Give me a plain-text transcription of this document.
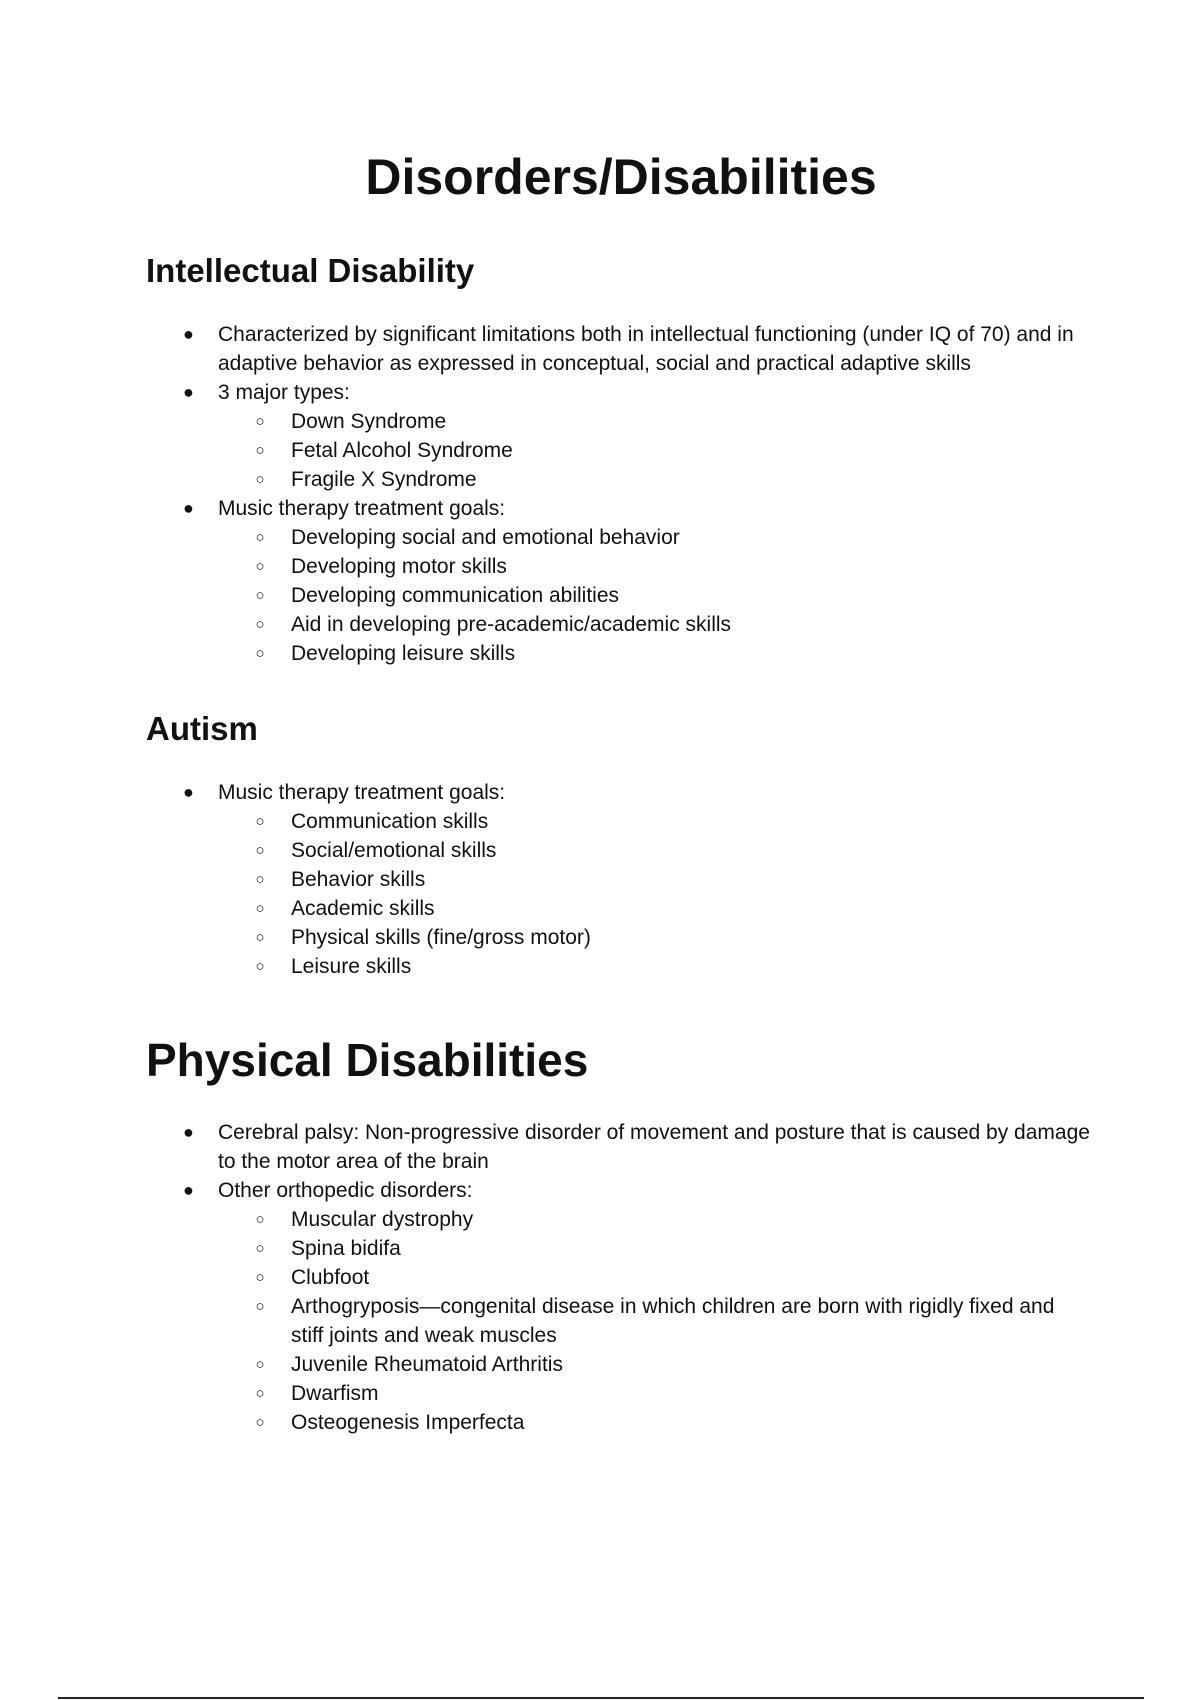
Disorders/Disabilities
Intellectual Disability
● Characterized by significant limitations both in intellectual functioning (under IQ of 70) and in adaptive behavior as expressed in conceptual, social and practical adaptive skills
● 3 major types:
○ Down Syndrome
○ Fetal Alcohol Syndrome
○ Fragile X Syndrome
● Music therapy treatment goals:
○ Developing social and emotional behavior
○ Developing motor skills
○ Developing communication abilities
○ Aid in developing pre-academic/academic skills
○ Developing leisure skills
Autism
● Music therapy treatment goals:
○ Communication skills
○ Social/emotional skills
○ Behavior skills
○ Academic skills
○ Physical skills (fine/gross motor)
○ Leisure skills
Physical Disabilities
● Cerebral palsy: Non-progressive disorder of movement and posture that is caused by damage to the motor area of the brain
● Other orthopedic disorders:
○ Muscular dystrophy
○ Spina bidifa
○ Clubfoot
○ Arthogryposis—congenital disease in which children are born with rigidly fixed and stiff joints and weak muscles
○ Juvenile Rheumatoid Arthritis
○ Dwarfism
○ Osteogenesis Imperfecta
